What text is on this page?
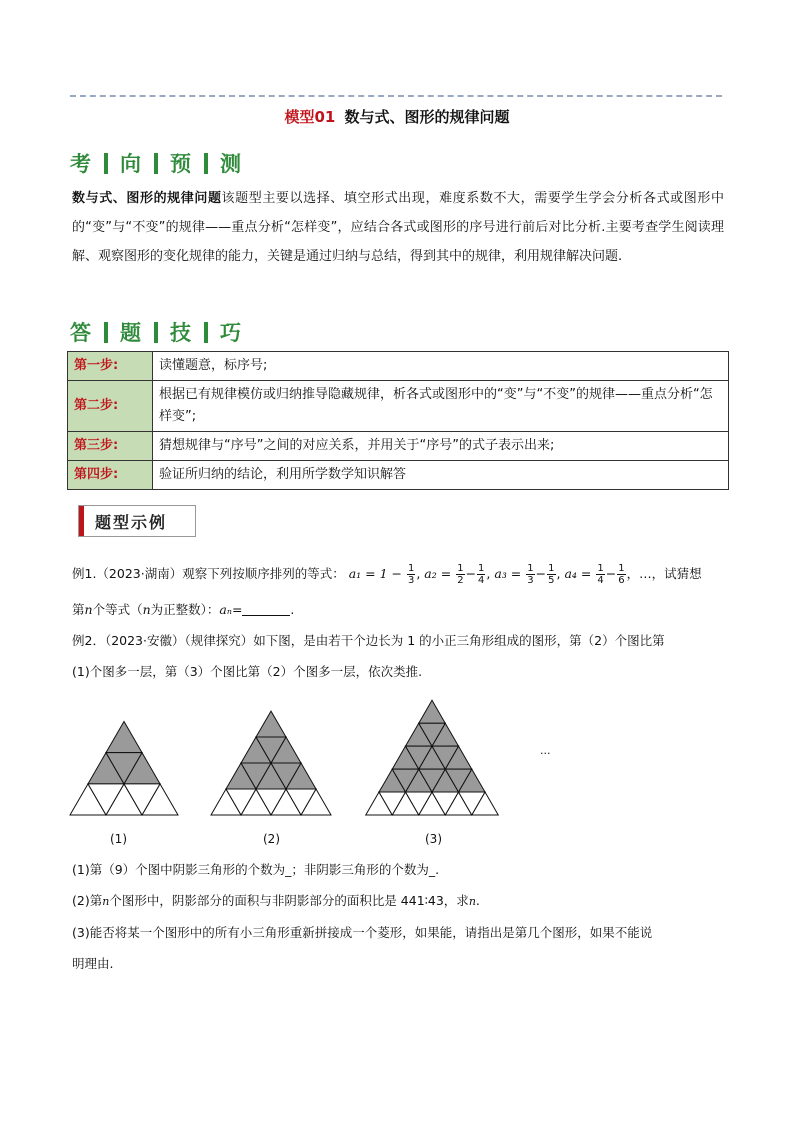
模型01 数与式、图形的规律问题
考 向 预 测
数与式、图形的规律问题该题型主要以选择、填空形式出现，难度系数不大，需要学生学会分析各式或图形中的“变”与“不变”的规律——重点分析“怎样变”，应结合各式或图形的序号进行前后对比分析.主要考查学生阅读理解、观察图形的变化规律的能力，关键是通过归纳与总结，得到其中的规律，利用规律解决问题.
答 题 技 巧
第一步:	读懂题意，标序号;
第二步:	根据已有规律模仿或归纳推导隐藏规律，析各式或图形中的“变”与“不变”的规律——重点分析“怎样变”;
第三步:	猜想规律与“序号”之间的对应关系，并用关于“序号”的式子表示出来;
第四步:	验证所归纳的结论，利用所学数学知识解答
题型示例
例1.（2023·湖南）观察下列按顺序排列的等式： $a_1 = 1 - \frac{1}{3}$ , $a_2 = \frac{1}{2} - \frac{1}{4}$ , $a_3 = \frac{1}{3} - \frac{1}{5}$ , $a_4 = \frac{1}{4} - \frac{1}{6}$ ，…，试猜想
第n个等式（n为正整数）：aₙ=	.
例2．（2023·安徽）（规律探究）如下图，是由若干个边长为 1 的小正三角形组成的图形，第（2）个图比第
(1)个图多一层，第（3）个图比第（2）个图多一层，依次类推.
...
(1)	(2)	(3)
(1)第（9）个图中阴影三角形的个数为_；非阴影三角形的个数为_.
(2)第n个图形中，阴影部分的面积与非阴影部分的面积比是 441∶43，求n.
(3)能否将某一个图形中的所有小三角形重新拼接成一个菱形，如果能，请指出是第几个图形，如果不能说
明理由.
